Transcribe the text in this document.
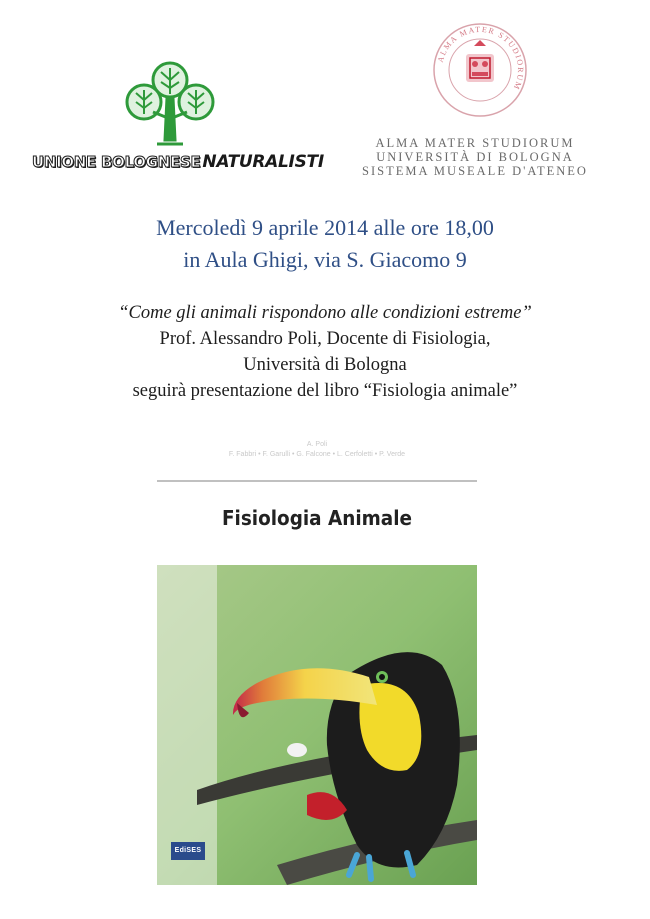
UNIONE BOLOGNESE NATURALISTI
ALMA MATER STUDIORUM
ALMA MATER STUDIORUM
UNIVERSITÀ DI BOLOGNA
SISTEMA MUSEALE D'ATENEO
Mercoledì 9 aprile 2014 alle ore 18,00
in Aula Ghigi, via S. Giacomo 9
“Come gli animali rispondono alle condizioni estreme”
Prof. Alessandro Poli, Docente di Fisiologia,
Università di Bologna
seguirà presentazione del libro “Fisiologia animale”
A. Poli
F. Fabbri • F. Garulli • G. Falcone • L. Cerfoletti • P. Verde
Fisiologia Animale
EdiSES
